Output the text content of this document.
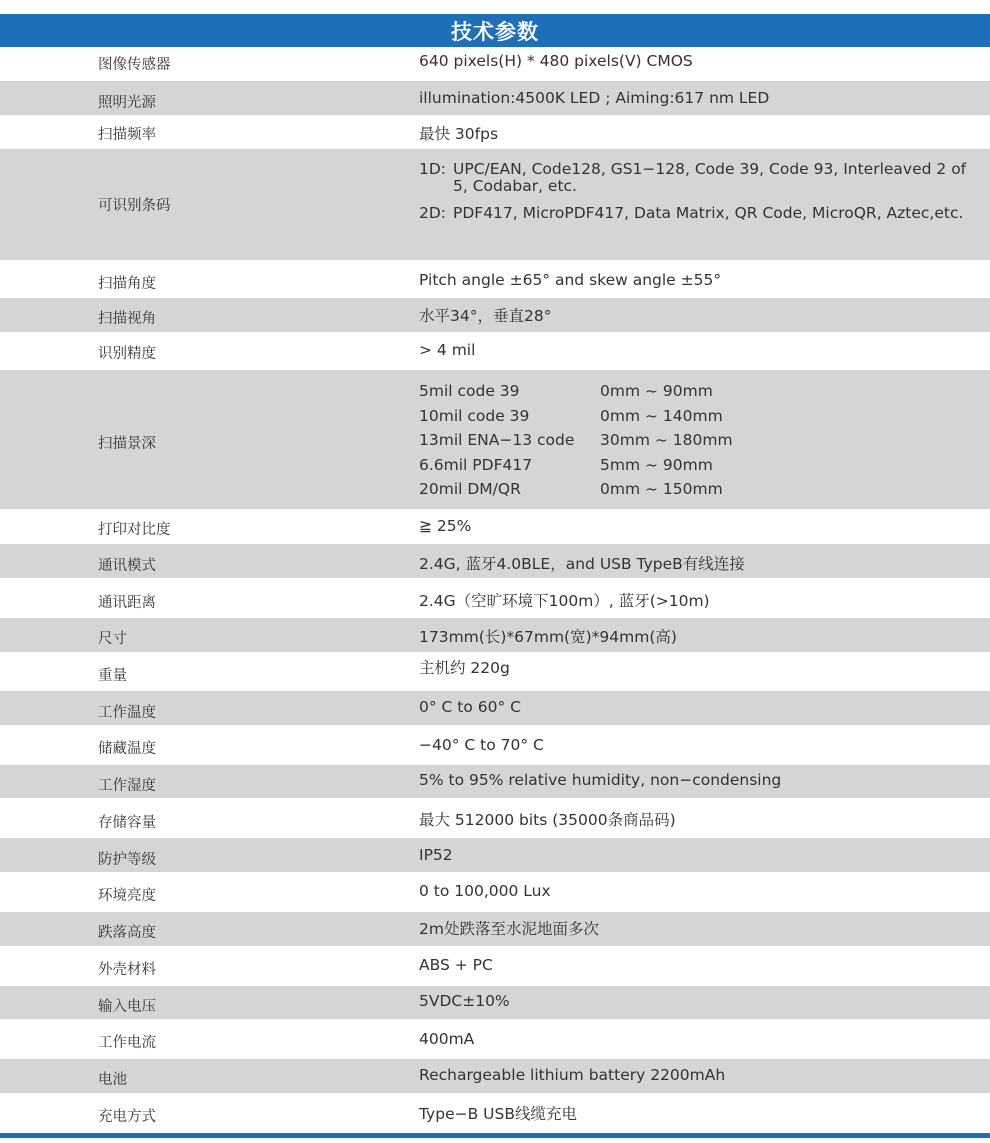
技术参数
图像传感器	640 pixels(H) * 480 pixels(V) CMOS
照明光源	illumination:4500K LED ; Aiming:617 nm LED
扫描频率	最快 30fps
可识别条码
1D: UPC/EAN, Code128, GS1−128, Code 39, Code 93, Interleaved 2 of 5, Codabar, etc.
2D: PDF417, MicroPDF417, Data Matrix, QR Code, MicroQR, Aztec,etc.
扫描角度	Pitch angle ±65° and skew angle ±55°
扫描视角	水平34°，垂直28°
识别精度	> 4 mil
扫描景深
5mil code 39	0mm ~ 90mm
10mil code 39	0mm ~ 140mm
13mil ENA−13 code	30mm ~ 180mm
6.6mil PDF417	5mm ~ 90mm
20mil DM/QR	0mm ~ 150mm
打印对比度	≧ 25%
通讯模式	2.4G, 蓝牙4.0BLE，and USB TypeB有线连接
通讯距离	2.4G（空旷环境下100m）, 蓝牙(>10m)
尺寸	173mm(长)*67mm(宽)*94mm(高)
重量	主机约 220g
工作温度	0° C to 60° C
储藏温度	−40° C to 70° C
工作湿度	5% to 95% relative humidity, non−condensing
存储容量	最大 512000 bits (35000条商品码)
防护等级	IP52
环境亮度	0 to 100,000 Lux
跌落高度	2m处跌落至水泥地面多次
外壳材料	ABS + PC
输入电压	5VDC±10%
工作电流	400mA
电池	Rechargeable lithium battery 2200mAh
充电方式	Type−B USB线缆充电
